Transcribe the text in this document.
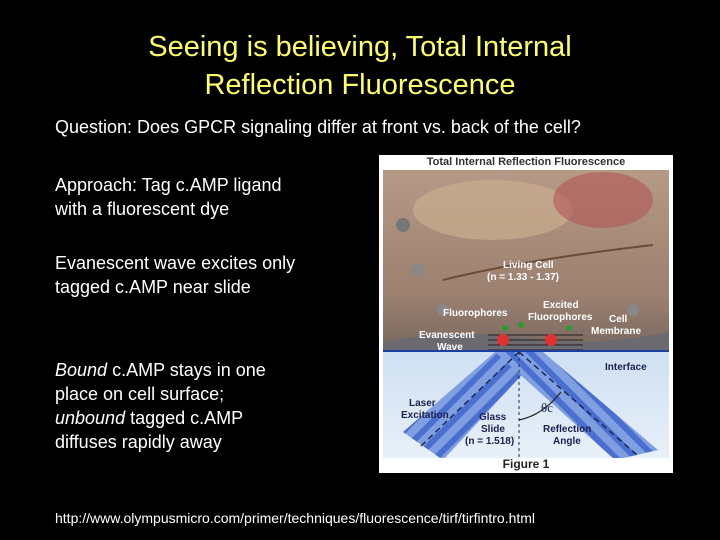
Seeing is believing, Total Internal
Reflection Fluorescence
Question: Does GPCR signaling differ at front vs. back of the cell?
Approach: Tag c.AMP ligand
with a fluorescent dye
Evanescent wave excites only
tagged c.AMP near slide
Bound c.AMP stays in one
place on cell surface;
unbound tagged c.AMP
diffuses rapidly away
Total Internal Reflection Fluorescence
Living Cell
(n = 1.33 - 1.37)
Fluorophores
Excited
Fluorophores Cell
Membrane
Evanescent
Wave
Interface
Laser
Excitation	Glass
Slide
(n = 1.518)
θc
Reflection
Angle
Figure 1
http://www.olympusmicro.com/primer/techniques/fluorescence/tirf/tirfintro.html
